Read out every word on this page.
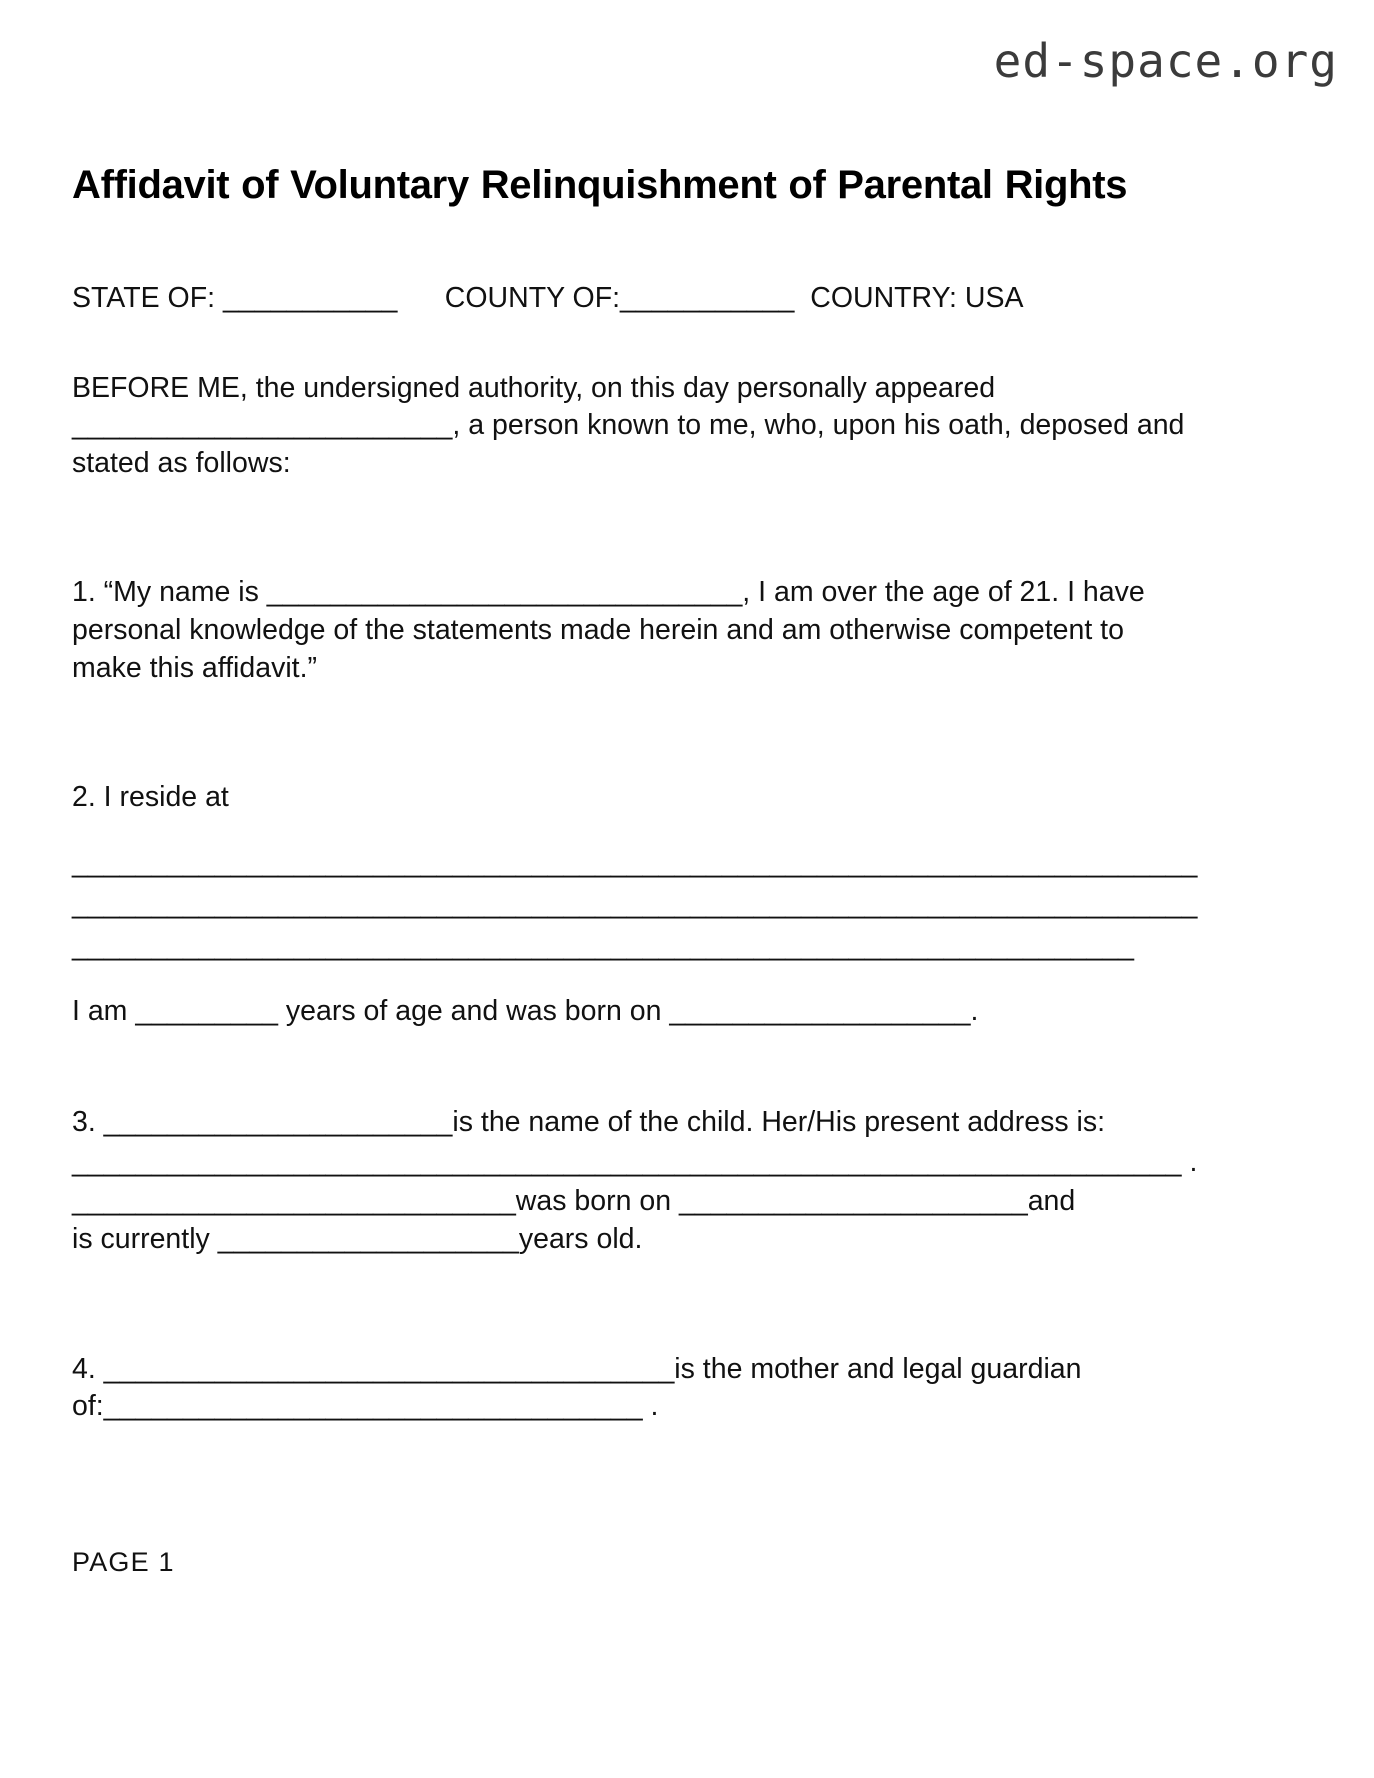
ed-space.org
Affidavit of Voluntary Relinquishment of Parental Rights

STATE OF: ___________      COUNTY OF:___________  COUNTRY: USA

BEFORE ME, the undersigned authority, on this day personally appeared ________________________, a person known to me, who, upon his oath, deposed and stated as follows:

1. “My name is ______________________________, I am over the age of 21. I have personal knowledge of the statements made herein and am otherwise competent to make this affidavit.”

2. I reside at

_______________________________________________________________________

_______________________________________________________________________

___________________________________________________________________

I am _________ years of age and was born on ___________________.

3. ______________________is the name of the child. Her/His present address is:

______________________________________________________________________ .

____________________________was born on ______________________and

is currently ___________________years old.

4. ____________________________________is the mother and legal guardian

of:__________________________________ .

PAGE 1
